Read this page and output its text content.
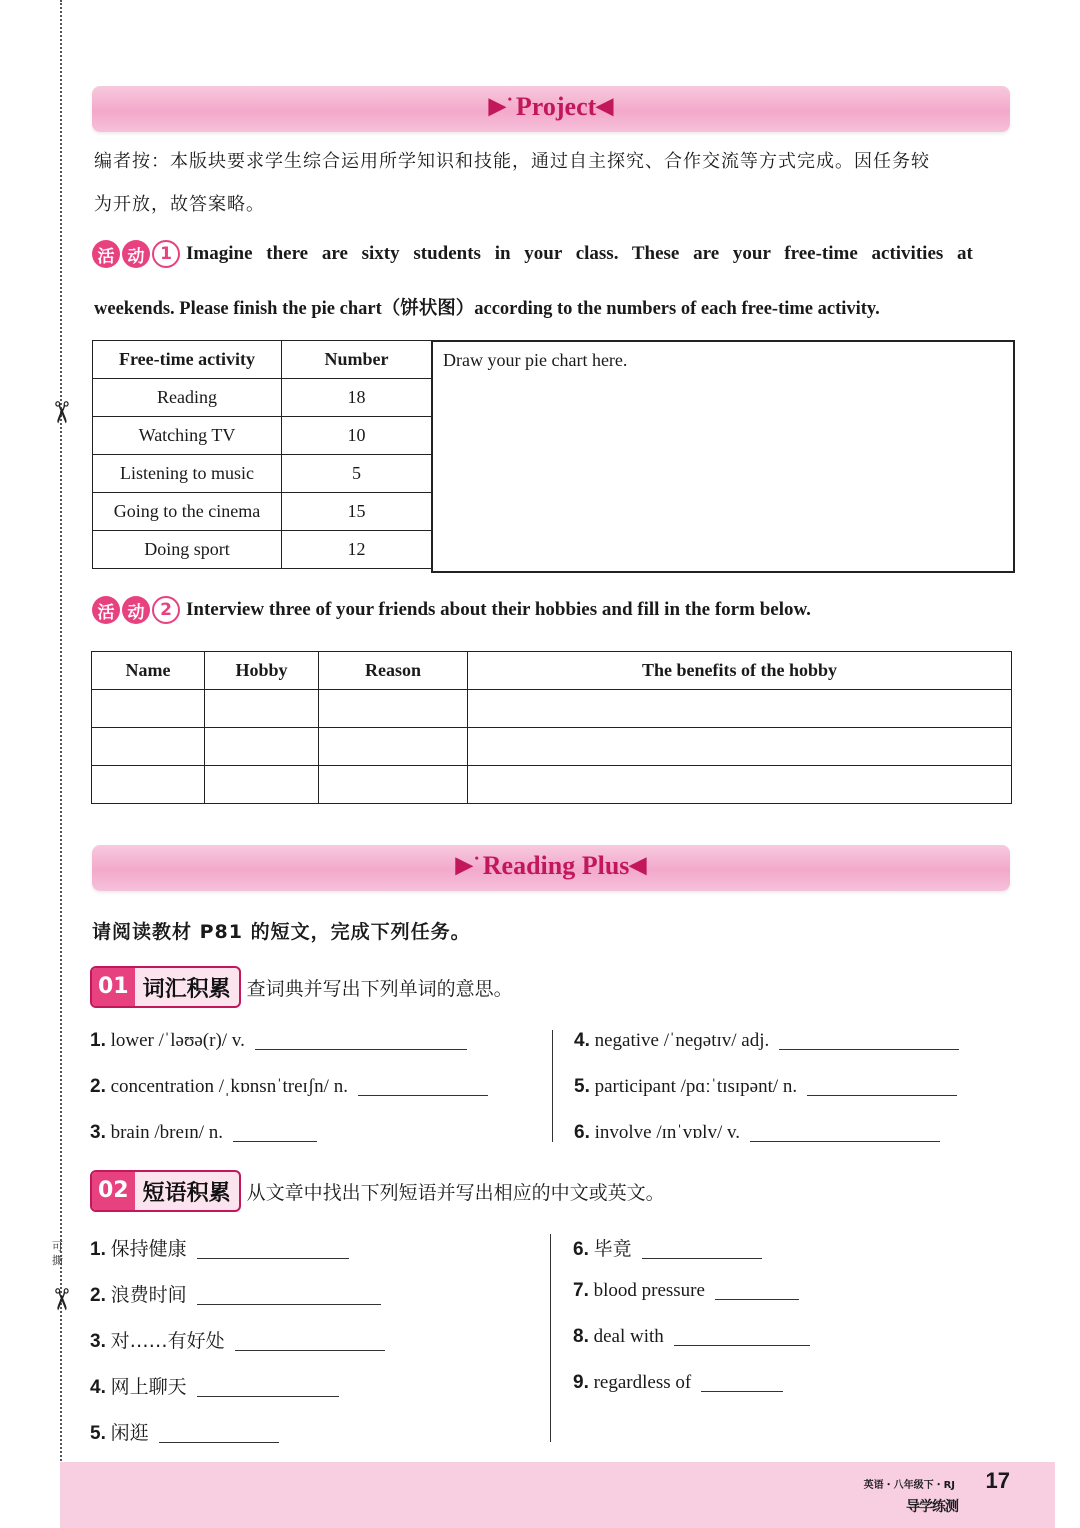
✂
✂
可撕
▶ • Project◀
编者按：本版块要求学生综合运用所学知识和技能，通过自主探究、合作交流等方式完成。因任务较
为开放，故答案略。
活 动 1 Imagine there are sixty students in your class. These are your free-time activities at
weekends. Please finish the pie chart（饼状图）according to the numbers of each free-time activity.
Free-time activity	Number
Reading	18
Watching TV	10
Listening to music	5
Going to the cinema	15
Doing sport	12
Draw your pie chart here.
活 动 2 Interview three of your friends about their hobbies and fill in the form below.
Name	Hobby	Reason	The benefits of the hobby

▶ • Reading Plus◀
请阅读教材 P81 的短文，完成下列任务。
01 词汇积累 查词典并写出下列单词的意思。
1. lower /ˈləʊə(r)/ v.
2. concentration /ˌkɒnsnˈtreɪʃn/ n.
3. brain /breɪn/ n.
4. negative /ˈneɡətɪv/ adj.
5. participant /pɑːˈtɪsɪpənt/ n.
6. involve /ɪnˈvɒlv/ v.
02 短语积累 从文章中找出下列短语并写出相应的中文或英文。
1. 保持健康
2. 浪费时间
3. 对……有好处
4. 网上聊天
5. 闲逛
6. 毕竟
7. blood pressure
8. deal with
9. regardless of
英语・八年级下・RJ 17
导学练测
